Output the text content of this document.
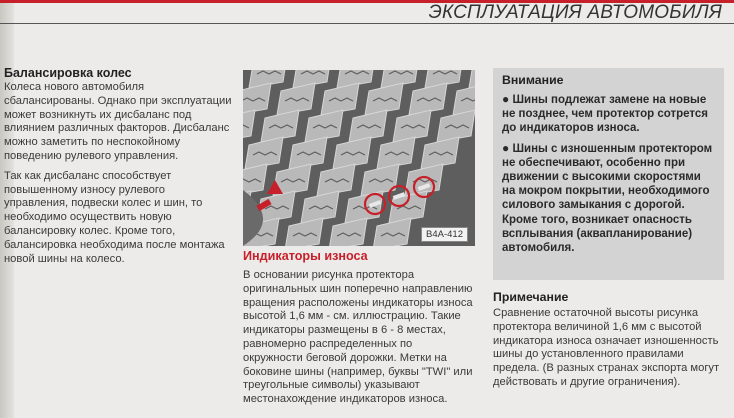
ЭКСПЛУАТАЦИЯ АВТОМОБИЛЯ
Балансировка колес

Колеса нового автомобиля сбалансированы. Однако при эксплуатации может возникнуть их дисбаланс под влиянием различных факторов. Дисбаланс можно заметить по неспокойному поведению рулевого управления.

Так как дисбаланс способствует повышенному износу рулевого управления, подвески колес и шин, то необходимо осуществить новую балансировку колес. Кроме того, балансировка необходима после монтажа новой шины на колесо.

B4A-412
Индикаторы износа

В основании рисунка протектора оригинальных шин поперечно направлению вращения расположены индикаторы износа высотой 1,6 мм - см. иллюстрацию. Такие индикаторы размещены в 6 - 8 местах, равномерно распределенных по окружности беговой дорожки. Метки на боковине шины (например, буквы "TWI" или треугольные символы) указывают местонахождение индикаторов износа.

Внимание

● Шины подлежат замене на новые не позднее, чем протектор сотрется до индикаторов износа.

● Шины с изношенным протектором не обеспечивают, особенно при движении с высокими скоростями на мокром покрытии, необходимого силового замыкания с дорогой. Кроме того, возникает опасность всплывания (аквапланирование) автомобиля.

Примечание

Сравнение остаточной высоты рисунка протектора величиной 1,6 мм с высотой индикатора износа означает изношенность шины до установленного правилами предела. (В разных странах экспорта могут действовать и другие ограничения).
